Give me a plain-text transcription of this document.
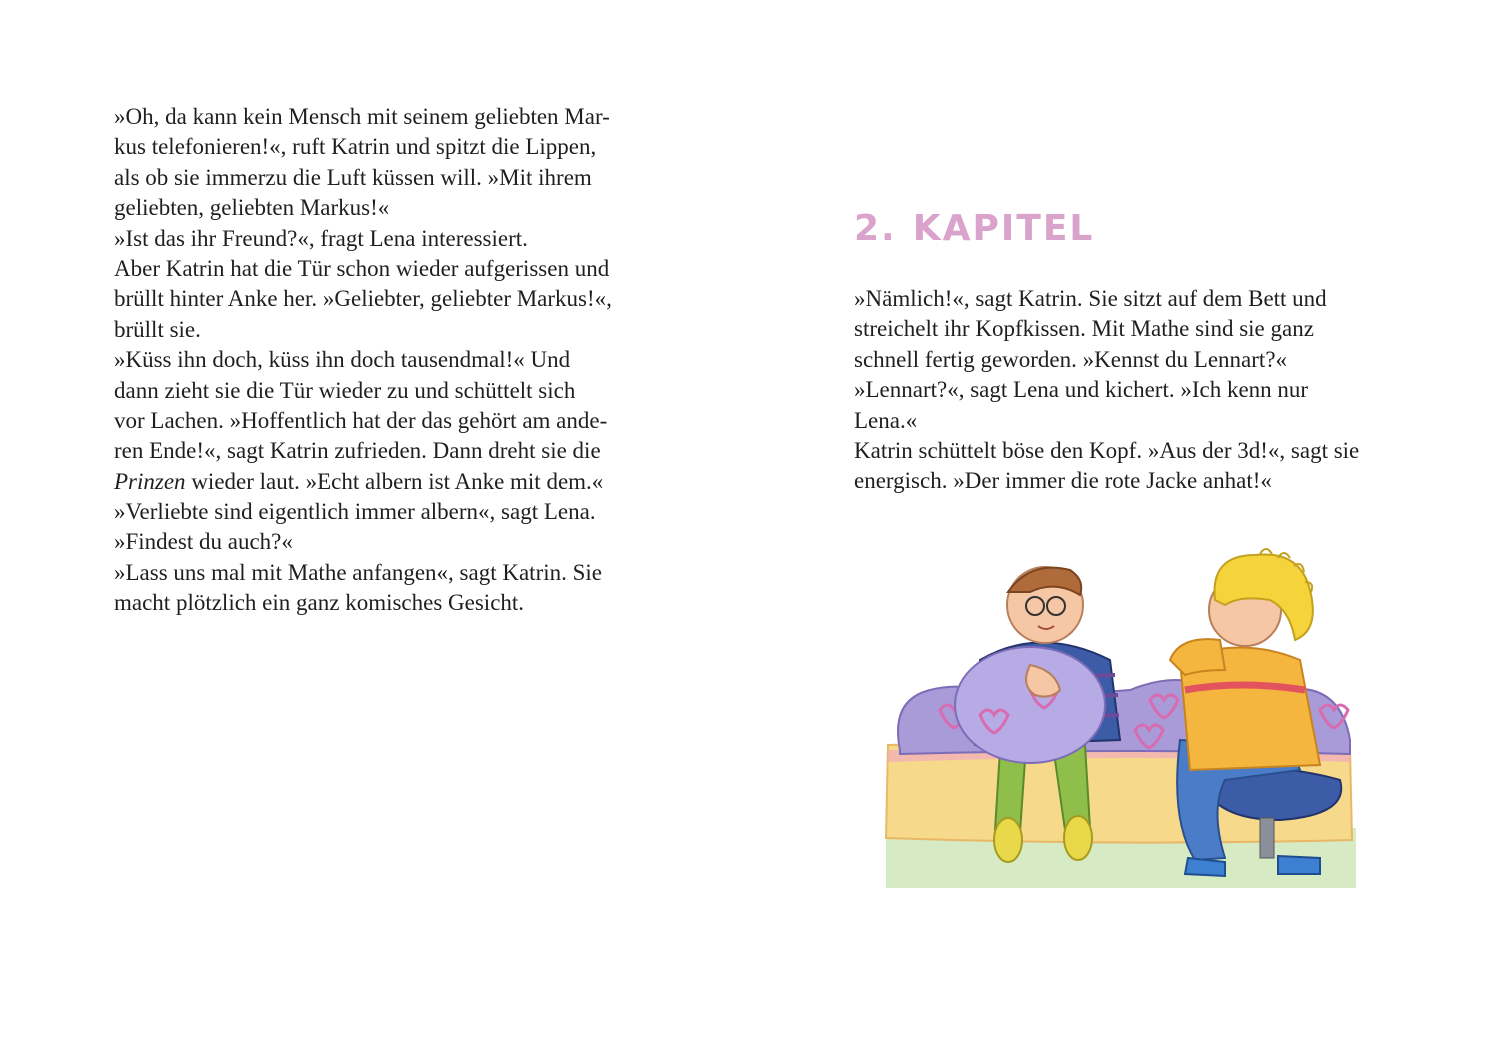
»Oh, da kann kein Mensch mit seinem geliebten Mar-
kus telefonieren!«, ruft Katrin und spitzt die Lippen,
als ob sie immerzu die Luft küssen will. »Mit ihrem
geliebten, geliebten Markus!«
»Ist das ihr Freund?«, fragt Lena interessiert.
Aber Katrin hat die Tür schon wieder aufgerissen und
brüllt hinter Anke her. »Geliebter, geliebter Markus!«,
brüllt sie.
»Küss ihn doch, küss ihn doch tausendmal!« Und
dann zieht sie die Tür wieder zu und schüttelt sich
vor Lachen. »Hoffentlich hat der das gehört am ande-
ren Ende!«, sagt Katrin zufrieden. Dann dreht sie die
Prinzen wieder laut. »Echt albern ist Anke mit dem.«
»Verliebte sind eigentlich immer albern«, sagt Lena.
»Findest du auch?«
»Lass uns mal mit Mathe anfangen«, sagt Katrin. Sie
macht plötzlich ein ganz komisches Gesicht.
2. KAPITEL
»Nämlich!«, sagt Katrin. Sie sitzt auf dem Bett und
streichelt ihr Kopfkissen. Mit Mathe sind sie ganz
schnell fertig geworden. »Kennst du Lennart?«
»Lennart?«, sagt Lena und kichert. »Ich kenn nur
Lena.«
Katrin schüttelt böse den Kopf. »Aus der 3d!«, sagt sie
energisch. »Der immer die rote Jacke anhat!«
